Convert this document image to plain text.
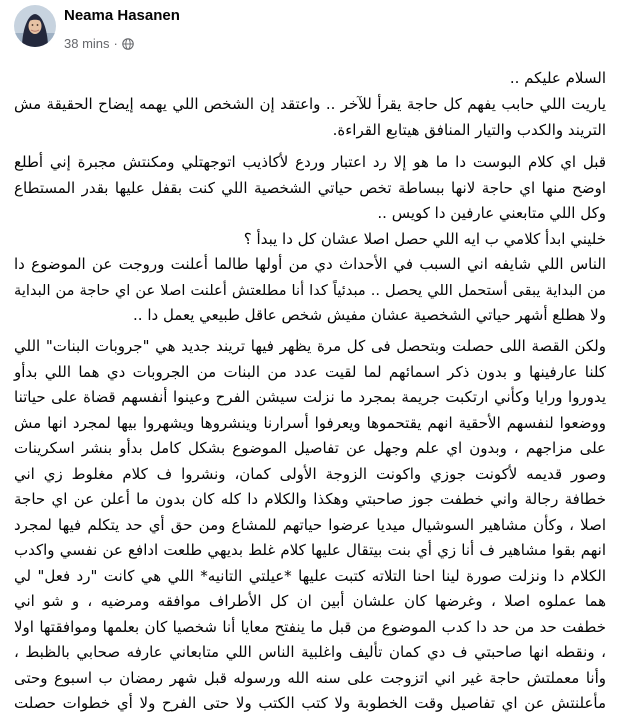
Neama Hasanen
38 mins ·
السلام عليكم ..
ياريت اللي حابب يفهم كل حاجة يقرأ للآخر .. واعتقد إن الشخص اللي يهمه إيضاح الحقيقة مش
التريند والكدب والتيار المنافق هيتابع القراءة.
قبل اي كلام البوست دا ما هو إلا رد اعتبار وردع لأكاذيب اتوجهتلي ومكنتش مجبرة إني أطلع
اوضح منها اي حاجة لانها ببساطة تخص حياتي الشخصية اللي كنت بقفل عليها بقدر المستطاع
وكل اللي متابعني عارفين دا كويس ..
خليني ابدأ كلامي ب ايه اللي حصل اصلا عشان كل دا يبدأ ؟
الناس اللي شايفه اني السبب في الأحداث دي من أولها طالما أعلنت وروجت عن الموضوع دا
من البداية يبقى أستحمل اللي يحصل .. مبدئياً كدا أنا مطلعتش أعلنت اصلا عن اي حاجة من البداية
ولا هطلع أشهر حياتي الشخصية عشان مفيش شخص عاقل طبيعي يعمل دا ..
ولكن القصة اللى حصلت وبتحصل فى كل مرة يظهر فيها تريند جديد هي "جروبات البنات" اللي
كلنا عارفينها و بدون ذكر اسمائهم لما لقيت عدد من البنات من الجروبات دي هما اللي بدأو
يدوروا ورايا وكأني ارتكبت جريمة بمجرد ما نزلت سيشن الفرح وعينوا أنفسهم قضاة على حياتنا
ووضعوا لنفسهم الأحقية انهم يقتحموها ويعرفوا أسرارنا وينشروها ويشهروا بيها لمجرد انها مش
على مزاجهم ، وبدون اي علم وجهل عن تفاصيل الموضوع بشكل كامل بدأو بنشر اسكرينات
وصور قديمه لأكونت جوزي واكونت الزوجة الأولى كمان، ونشروا ف كلام مغلوط زي اني
خطافة رجالة واني خطفت جوز صاحبتي وهكذا والكلام دا كله كان بدون ما أعلن عن اي حاجة
اصلا ، وكأن مشاهير السوشيال ميديا عرضوا حياتهم للمشاع ومن حق أي حد يتكلم فيها لمجرد
انهم بقوا مشاهير ف أنا زي أي بنت بيتقال عليها كلام غلط بديهي طلعت ادافع عن نفسي واكدب
الكلام دا ونزلت صورة لينا احنا التلاته كتبت عليها *عيلتي التانيه* اللي هي كانت "رد فعل" لي
هما عملوه اصلا ، وغرضها كان علشان أبين ان كل الأطراف موافقه ومرضيه ، و شو اني
خطفت حد من حد دا كدب الموضوع من قبل ما ينفتح معايا أنا شخصيا كان بعلمها وموافقتها اولا
، ونقطه انها صاحبتي ف دي كمان تأليف واغلبية الناس اللي متابعاني عارفه صحابي بالظبط ،
وأنا معملتش حاجة غير اني اتزوجت على سنه الله ورسوله قبل شهر رمضان ب اسبوع وحتى
مأعلنتش عن اي تفاصيل وقت الخطوبة ولا كتب الكتب ولا حتى الفرح ولا أي خطوات حصلت
